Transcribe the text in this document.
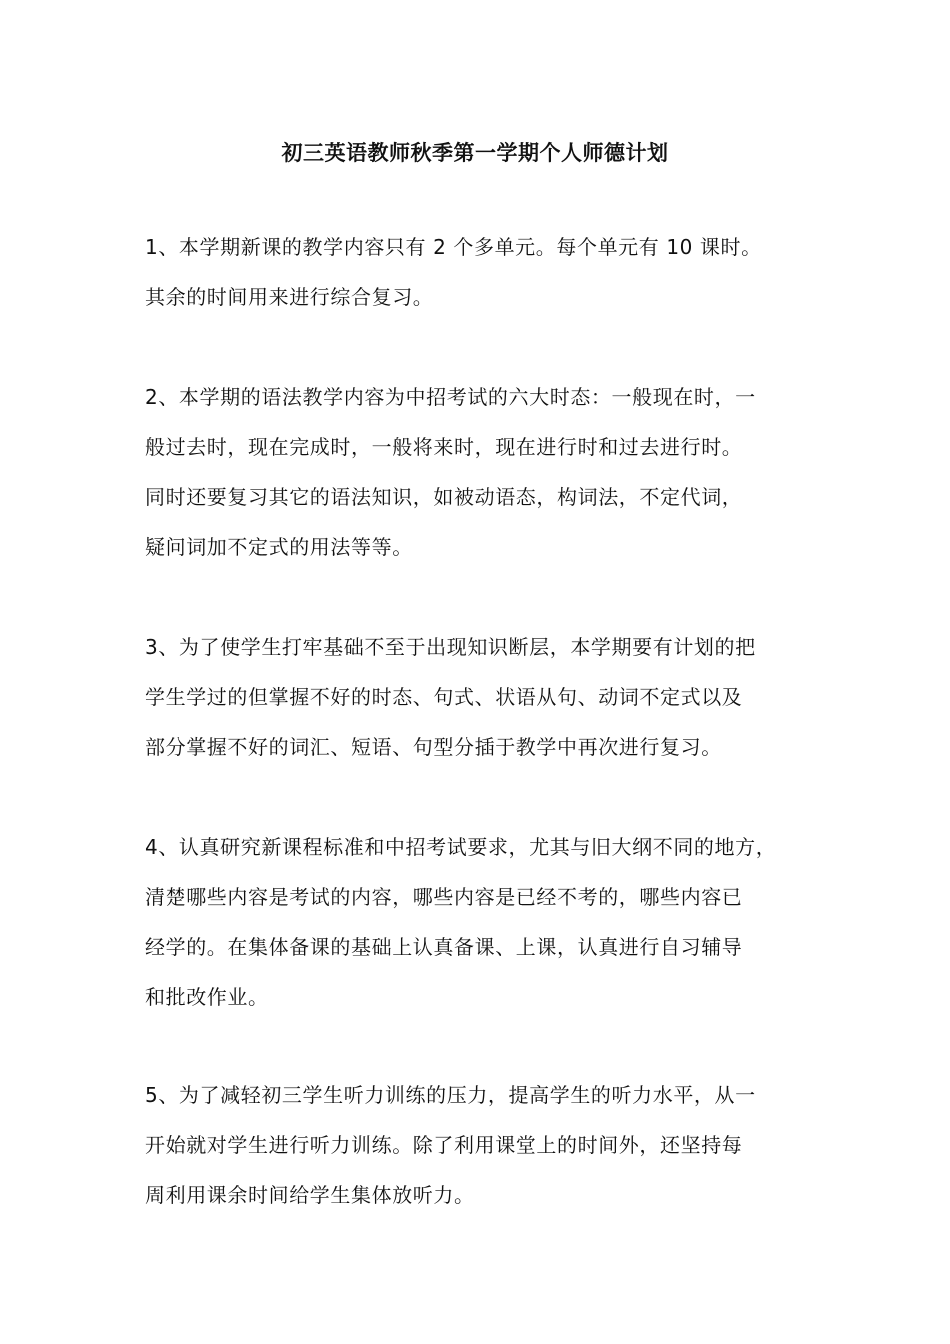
初三英语教师秋季第一学期个人师德计划
1、本学期新课的教学内容只有 2 个多单元。每个单元有 10 课时。
其余的时间用来进行综合复习。
2、本学期的语法教学内容为中招考试的六大时态：一般现在时，一
般过去时，现在完成时，一般将来时，现在进行时和过去进行时。
同时还要复习其它的语法知识，如被动语态，构词法，不定代词，
疑问词加不定式的用法等等。
3、为了使学生打牢基础不至于出现知识断层，本学期要有计划的把
学生学过的但掌握不好的时态、句式、状语从句、动词不定式以及
部分掌握不好的词汇、短语、句型分插于教学中再次进行复习。
4、认真研究新课程标准和中招考试要求，尤其与旧大纲不同的地方，
清楚哪些内容是考试的内容，哪些内容是已经不考的，哪些内容已
经学的。在集体备课的基础上认真备课、上课，认真进行自习辅导
和批改作业。
5、为了减轻初三学生听力训练的压力，提高学生的听力水平，从一
开始就对学生进行听力训练。除了利用课堂上的时间外，还坚持每
周利用课余时间给学生集体放听力。
